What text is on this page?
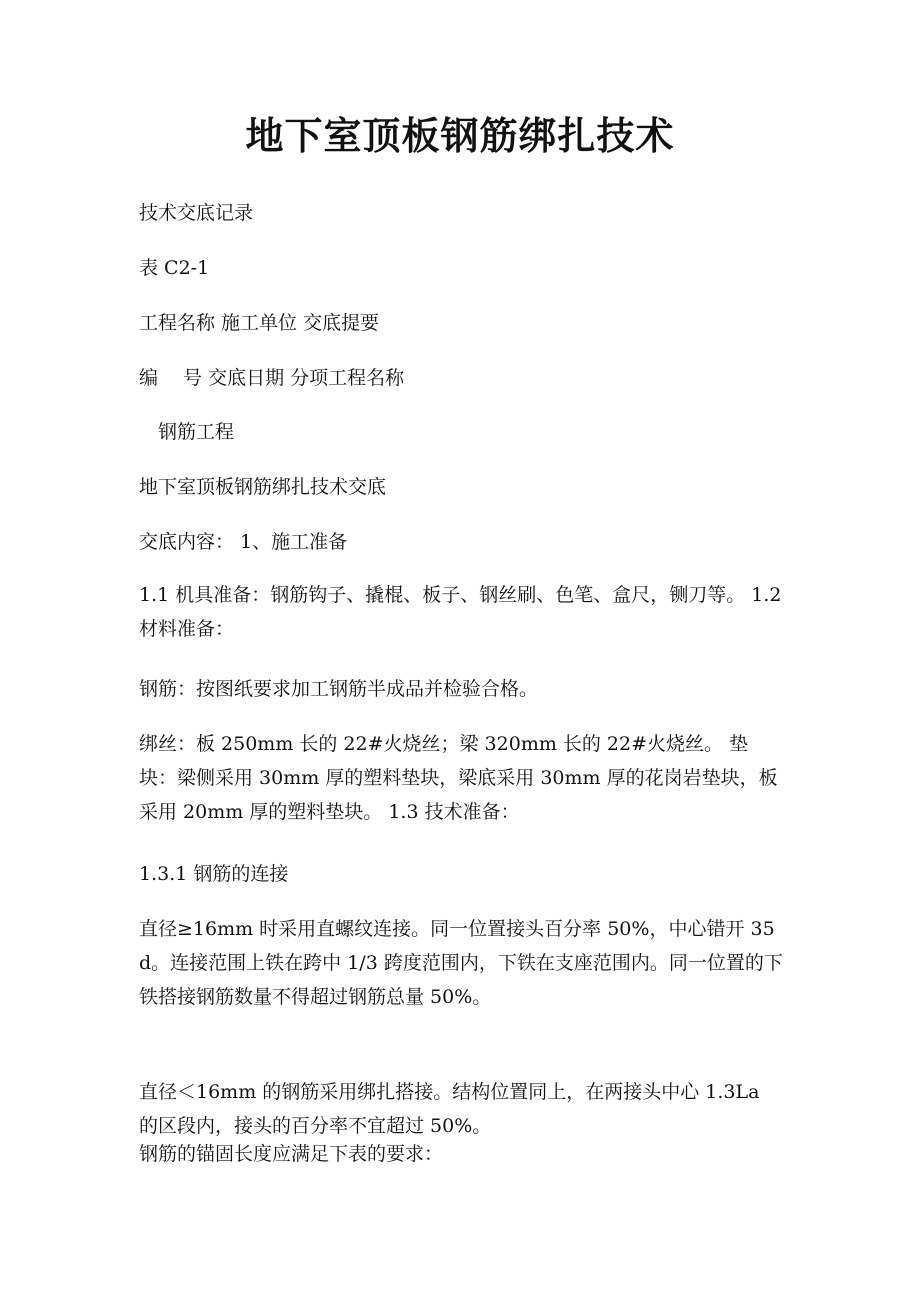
地下室顶板钢筋绑扎技术

技术交底记录

表 C2-1

工程名称 施工单位 交底提要

编　 号 交底日期 分项工程名称

　钢筋工程

地下室顶板钢筋绑扎技术交底

交底内容： 1、施工准备

1.1 机具准备：钢筋钩子、撬棍、板子、钢丝刷、色笔、盒尺，铡刀等。 1.2 材料准备：

钢筋：按图纸要求加工钢筋半成品并检验合格。

绑丝：板 250mm 长的 22#火烧丝；梁 320mm 长的 22#火烧丝。 垫块：梁侧采用 30mm 厚的塑料垫块，梁底采用 30mm 厚的花岗岩垫块，板采用 20mm 厚的塑料垫块。 1.3 技术准备：

1.3.1 钢筋的连接

直径≥16mm 时采用直螺纹连接。同一位置接头百分率 50%，中心错开 35d。连接范围上铁在跨中 1/3 跨度范围内，下铁在支座范围内。同一位置的下铁搭接钢筋数量不得超过钢筋总量 50%。

直径＜16mm 的钢筋采用绑扎搭接。结构位置同上，在两接头中心 1.3La 的区段内，接头的百分率不宜超过 50%。

钢筋的锚固长度应满足下表的要求：
